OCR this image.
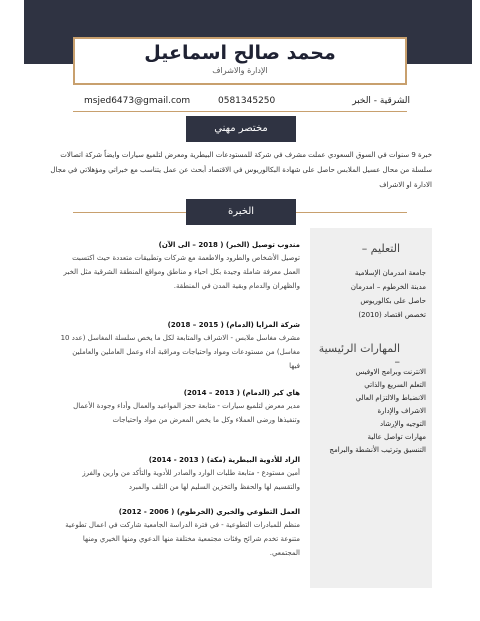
محمد صالح اسماعيل
الإدارة والاشراف
msjed6473@gmail.com	0581345250	الشرقية - الخبر
مختصر مهني
خبرة 9 سنوات في السوق السعودي عملت مشرف في شركة للمستودعات البيطرية ومعرض لتلميع سيارات وايضاً شركة اتصالات سلسلة من محال عسيل الملابس حاصل على شهادة البكالوريوس في الاقتصاد أبحث عن عمل يتناسب مع خبراتي ومؤهلاتي في مجال الادارة او الاشراف
الخبرة
التعليم –
جامعة امدرمان الإسلامية
مدينة الخرطوم – امدرمان
حاصل على بكالوريوس
تخصص اقتصاد (2010)
المهارات الرئيسية –
الانترنت وبرامج الاوفيس
التعلم السريع والذاتي
الانضباط والالتزام العالي
الاشراف والإدارة
التوجيه والإرشاد
مهارات تواصل عالية
التنسيق وترتيب الأنشطة والبرامج
مندوب توصيل (الخبر) ( 2018 – الى الآن)
توصيل الأشخاص والطرود والاطعمة مع شركات وتطبيقات متعددة حيث اكتسبت العمل معرفة شاملة وجيدة بكل احياء و مناطق ومواقع المنطقة الشرقية مثل الخبر والظهران والدمام وبقية المدن في المنطقة.
شركة المزايا (الدمام) ( 2015 – 2018)
مشرف مغاسل ملابس - الاشراف والمتابعة لكل ما يخص سلسلة المغاسل (عدد 10 مغاسل) من مستودعات ومواد واحتياجات ومراقبة أداء وعمل العاملين والعاملين فيها
هاي كير (الدمام) ( 2013 – 2014)
مدير معرض لتلميع سيارات - متابعة حجز المواعيد والعمال وأداء وجودة الأعمال وتنفيذها ورضى العملاء وكل ما يخص المعرض من مواد واحتياجات
الزاد للأدوية البيطرية (مكة) ( 2013 - 2014)
أمين مستودع - متابعة طلبات الوارد والصادر للأدوية والتأكد من وارين والفرز والتقسيم لها والحفظ والتخزين السليم لها من التلف والمبرد
العمل التطوعي والخيري (الخرطوم) ( 2006 - 2012)
منظم للمبادرات التطوعية - في فترة الدراسة الجامعية شاركت في اعمال تطوعية متنوعة تخدم شرائح وفئات مجتمعية مختلفة منها الدعوي ومنها الخيري ومنها المجتمعي.
